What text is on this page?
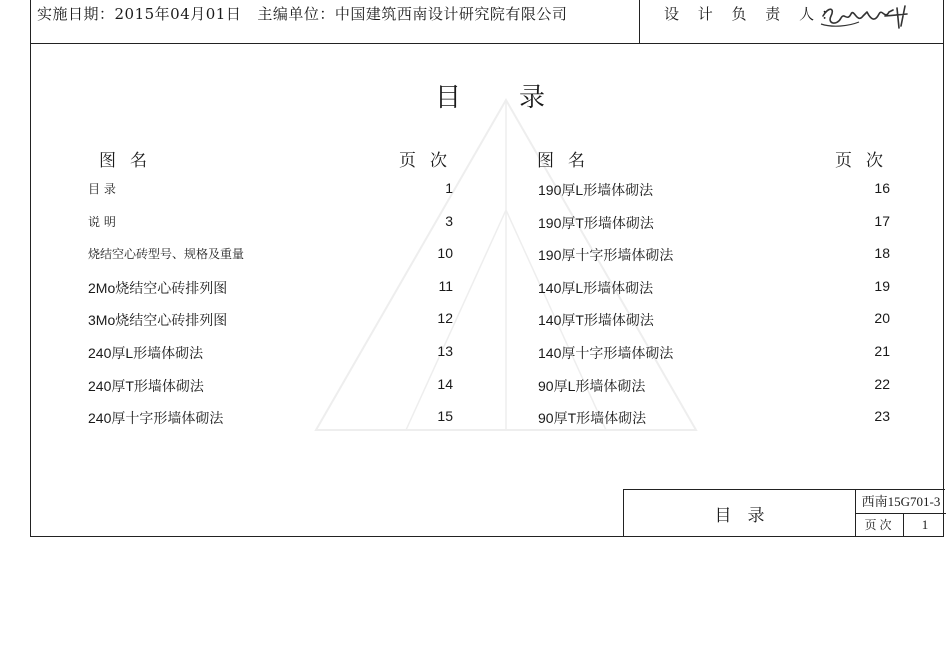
实施日期：2015年04月01日 主编单位：中国建筑西南设计研究院有限公司	设 计 负 责 人：
目录
图名	页次	图名	页次
目 录	1
说 明	3
烧结空心砖型号、规格及重量	10
2Mo烧结空心砖排列图	11
3Mo烧结空心砖排列图	12
240厚L形墙体砌法	13
240厚T形墙体砌法	14
240厚十字形墙体砌法	15
190厚L形墙体砌法	16
190厚T形墙体砌法	17
190厚十字形墙体砌法	18
140厚L形墙体砌法	19
140厚T形墙体砌法	20
140厚十字形墙体砌法	21
90厚L形墙体砌法	22
90厚T形墙体砌法	23
目录
西南15G701-3
页次	1
